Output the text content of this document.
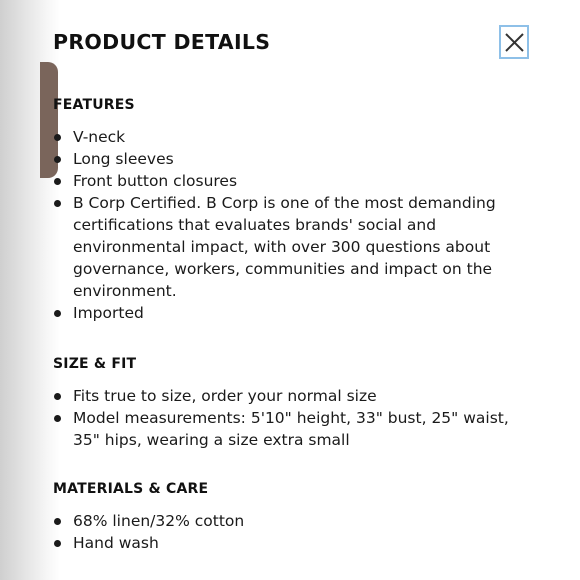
PRODUCT DETAILS
FEATURES
V-neck
Long sleeves
Front button closures
B Corp Certified. B Corp is one of the most demanding certifications that evaluates brands' social and environmental impact, with over 300 questions about governance, workers, communities and impact on the environment.
Imported
SIZE & FIT
Fits true to size, order your normal size
Model measurements: 5'10" height, 33" bust, 25" waist, 35" hips, wearing a size extra small
MATERIALS & CARE
68% linen/32% cotton
Hand wash
